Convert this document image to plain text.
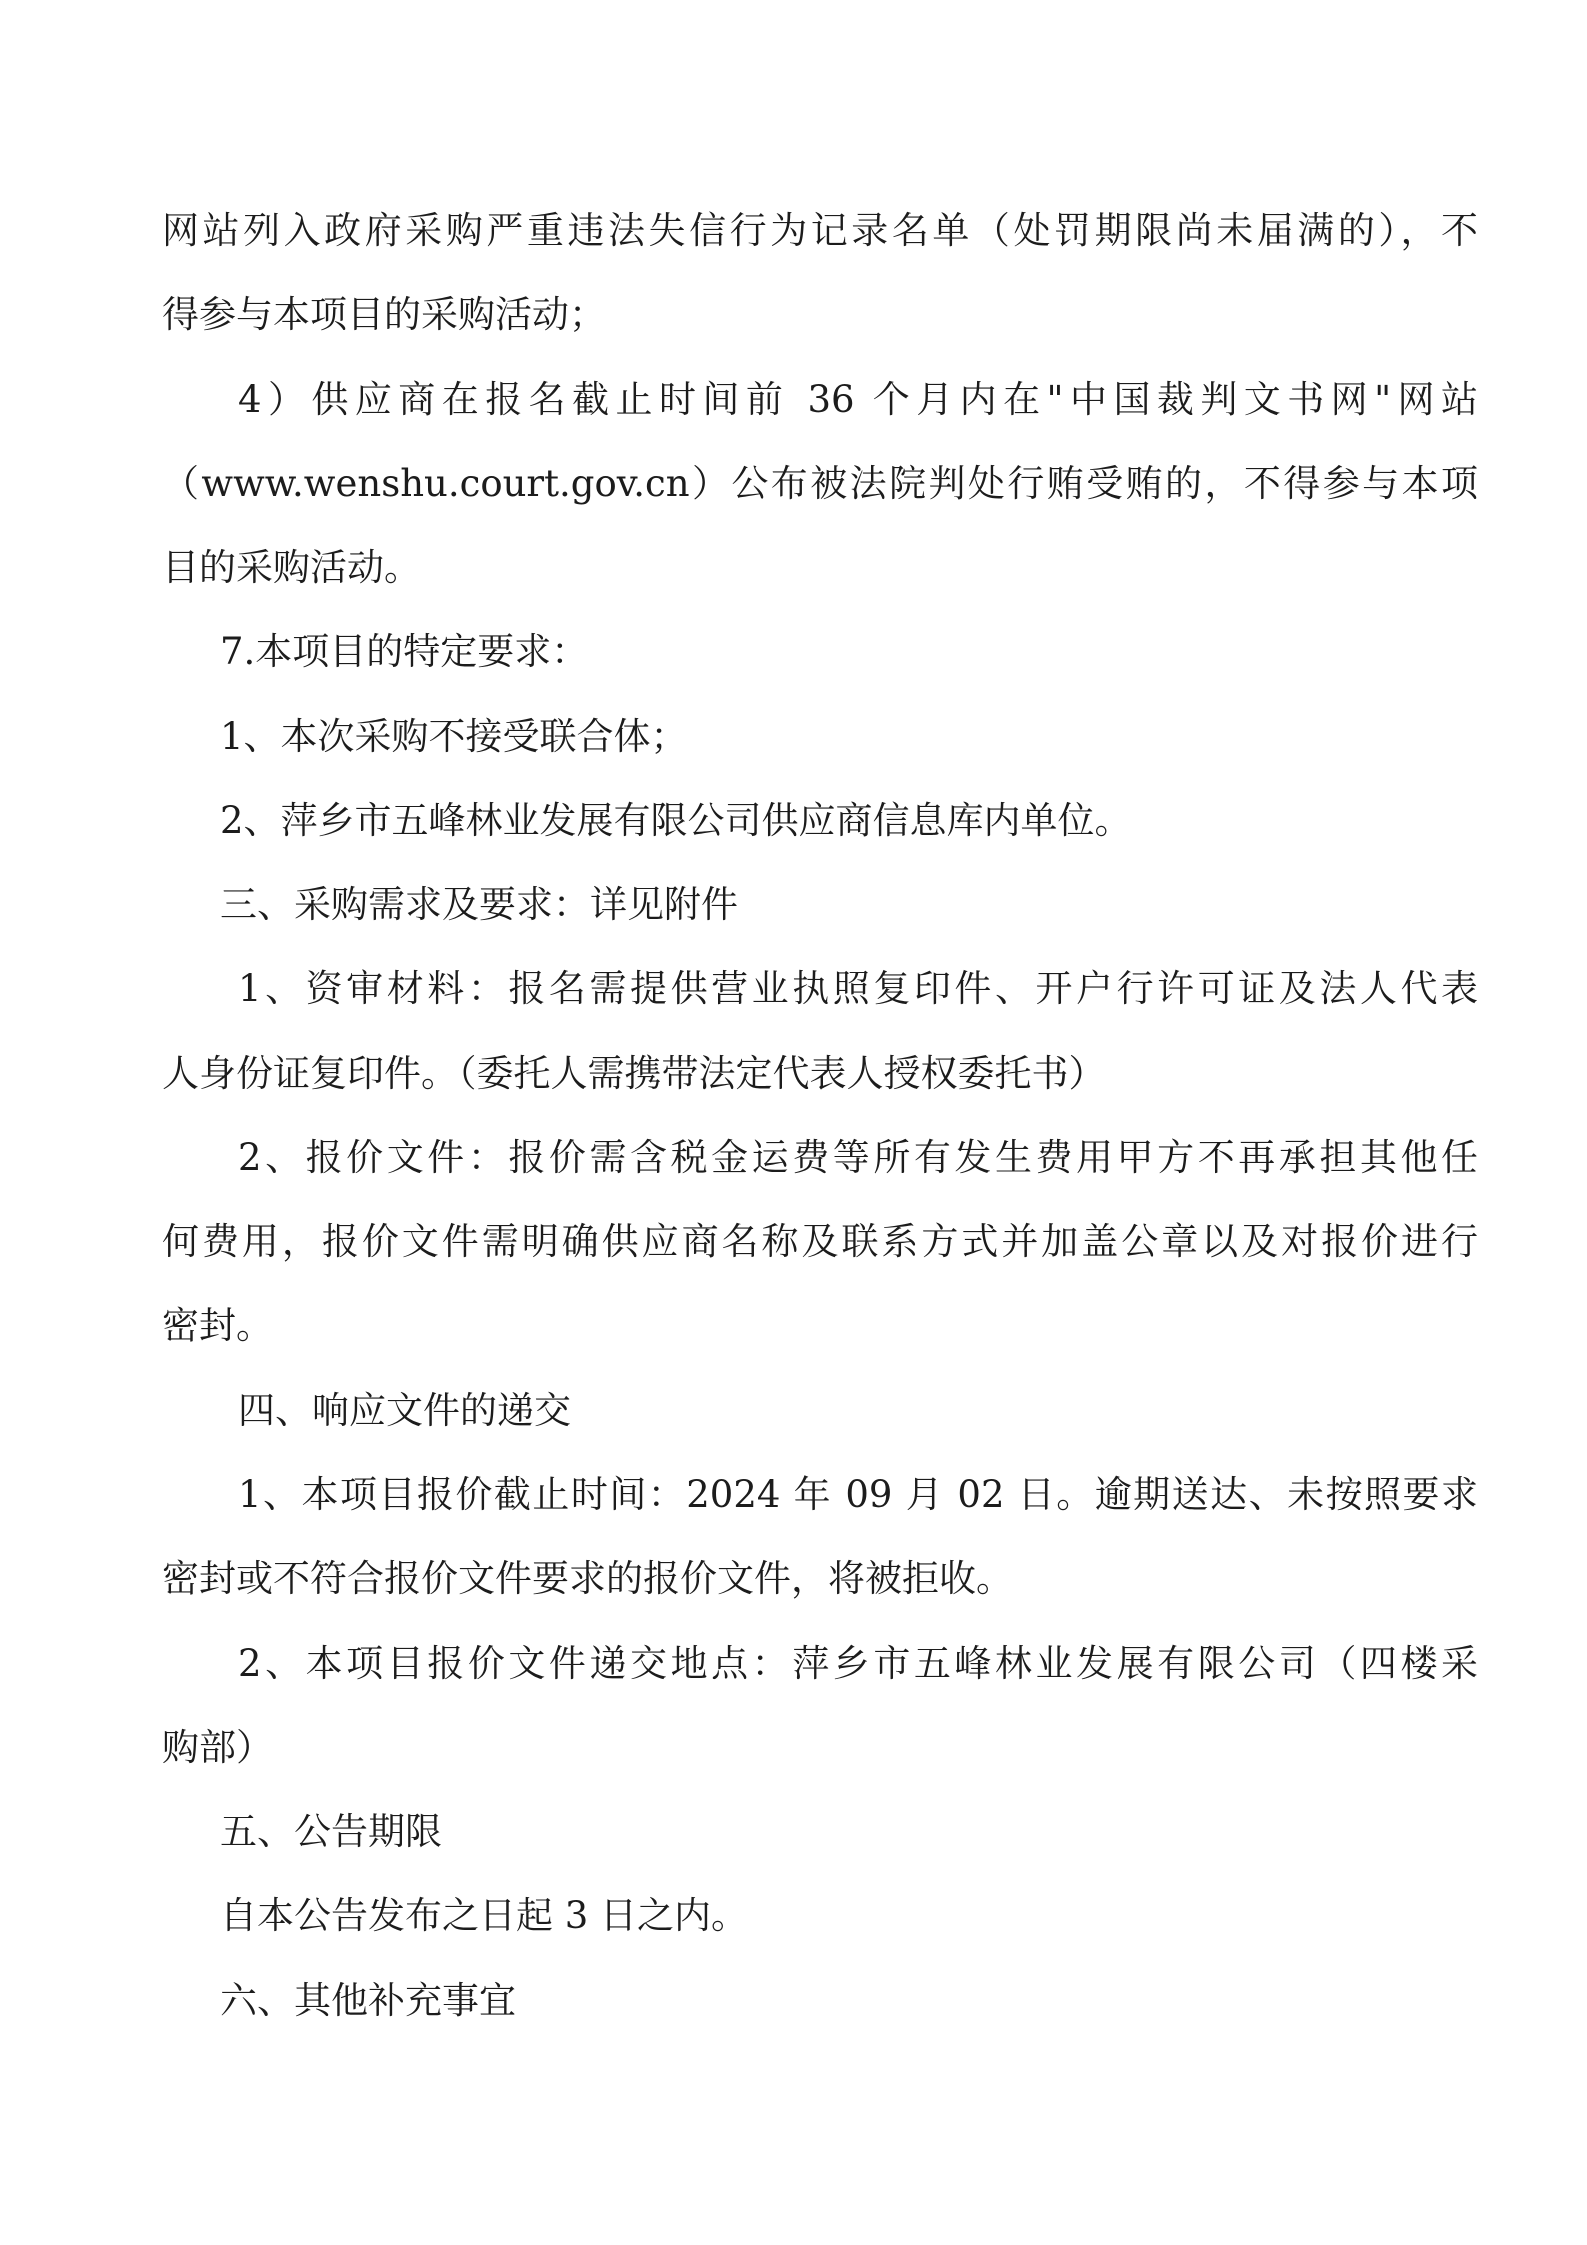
网站列入政府采购严重违法失信行为记录名单（处罚期限尚未届满的），不
得参与本项目的采购活动；
4）供应商在报名截止时间前 36 个月内在"中国裁判文书网"网站
（www.wenshu.court.gov.cn）公布被法院判处行贿受贿的，不得参与本项
目的采购活动。
7.本项目的特定要求：
1、本次采购不接受联合体；
2、萍乡市五峰林业发展有限公司供应商信息库内单位。
三、采购需求及要求：详见附件
1、资审材料：报名需提供营业执照复印件、开户行许可证及法人代表
人身份证复印件。（委托人需携带法定代表人授权委托书）
2、报价文件：报价需含税金运费等所有发生费用甲方不再承担其他任
何费用，报价文件需明确供应商名称及联系方式并加盖公章以及对报价进行
密封。
四、响应文件的递交
1、本项目报价截止时间：2024 年 09 月 02 日。逾期送达、未按照要求
密封或不符合报价文件要求的报价文件，将被拒收。
2、本项目报价文件递交地点：萍乡市五峰林业发展有限公司（四楼采
购部）
五、公告期限
自本公告发布之日起 3 日之内。
六、其他补充事宜
